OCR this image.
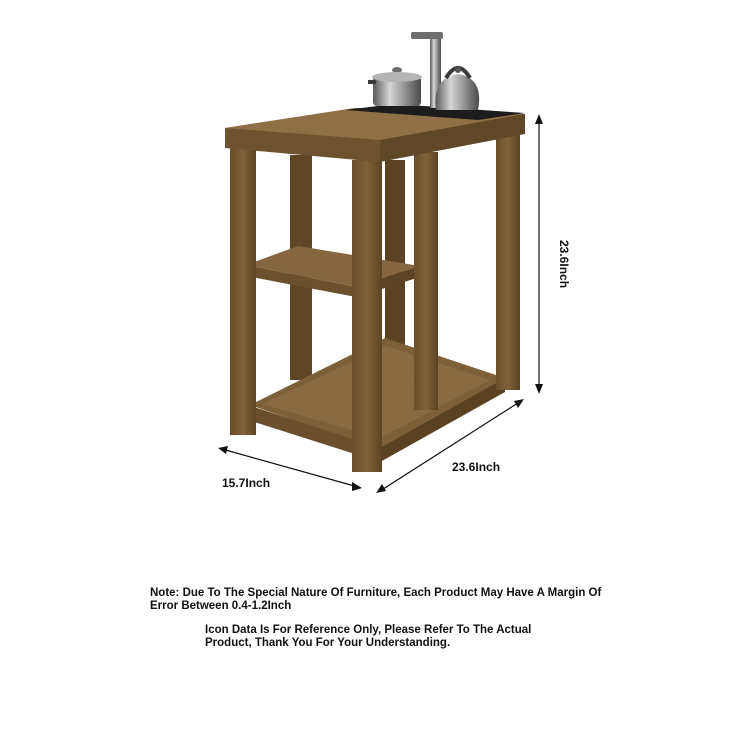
23.6Inch
15.7Inch
23.6Inch
Note: Due To The Special Nature Of Furniture, Each Product May Have A Margin Of Error Between 0.4-1.2Inch
Icon Data Is For Reference Only, Please Refer To The Actual Product, Thank You For Your Understanding.
